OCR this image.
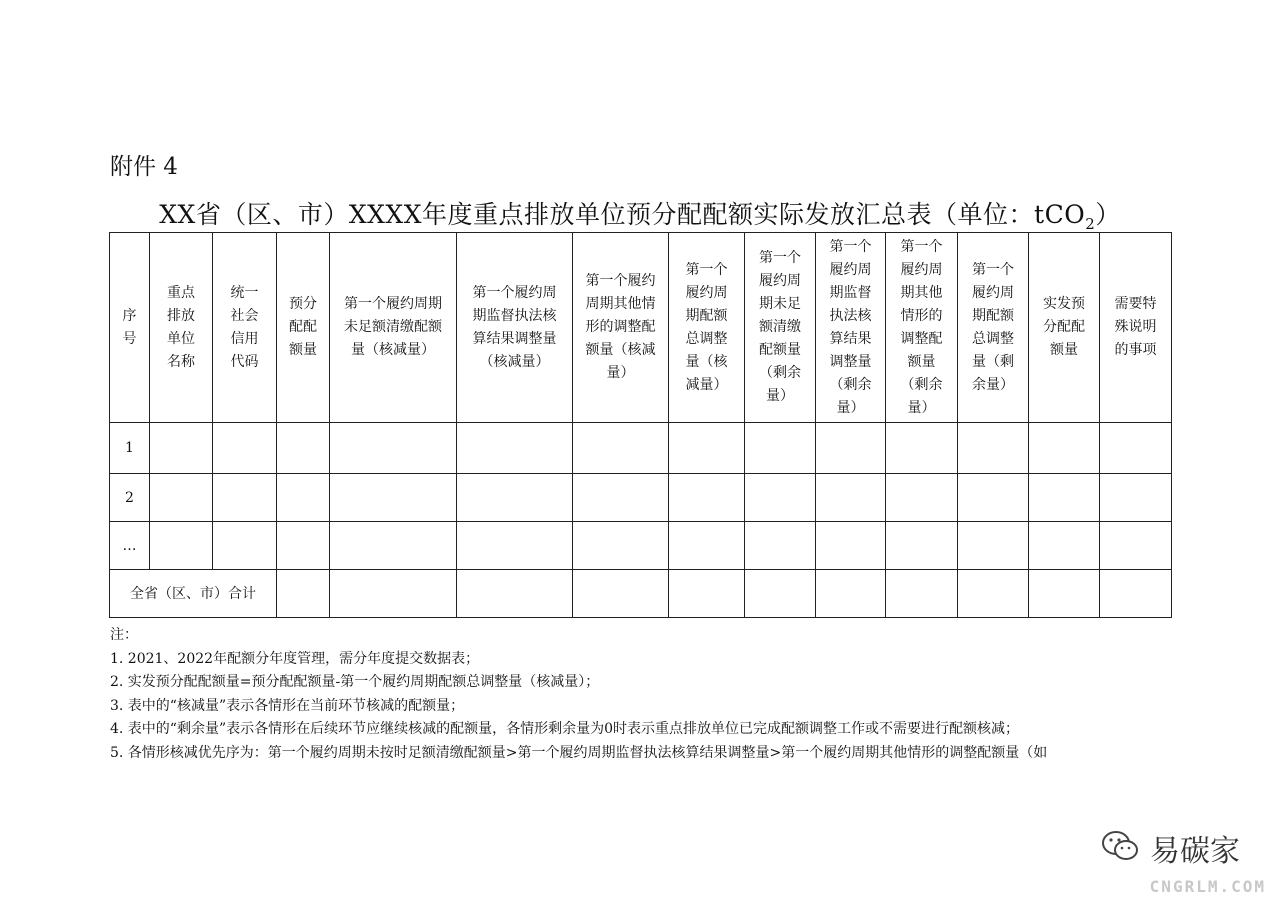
附件 4
XX省（区、市）XXXX年度重点排放单位预分配配额实际发放汇总表（单位：tCO$_2$）
序号	重点排放单位名称	统一社会信用代码	预分配配额量	第一个履约周期未足额清缴配额量（核减量）	第一个履约周期监督执法核算结果调整量（核减量）	第一个履约周期其他情形的调整配额量（核减量）	第一个履约周期配额总调整量（核减量）	第一个履约周期未足额清缴配额量（剩余量）	第一个履约周期监督执法核算结果调整量（剩余量）	第一个履约周期其他情形的调整配额量（剩余量）	第一个履约周期配额总调整量（剩余量）	实发预分配配额量	需要特殊说明的事项
1													
2													
…													
全省（区、市）合计													
注：
1. 2021、2022年配额分年度管理，需分年度提交数据表；
2. 实发预分配配额量=预分配配额量-第一个履约周期配额总调整量（核减量）；
3. 表中的“核减量”表示各情形在当前环节核减的配额量；
4. 表中的“剩余量”表示各情形在后续环节应继续核减的配额量，各情形剩余量为0时表示重点排放单位已完成配额调整工作或不需要进行配额核减；
5. 各情形核减优先序为：第一个履约周期未按时足额清缴配额量>第一个履约周期监督执法核算结果调整量>第一个履约周期其他情形的调整配额量（如
易碳家
CNGRLM.COM
